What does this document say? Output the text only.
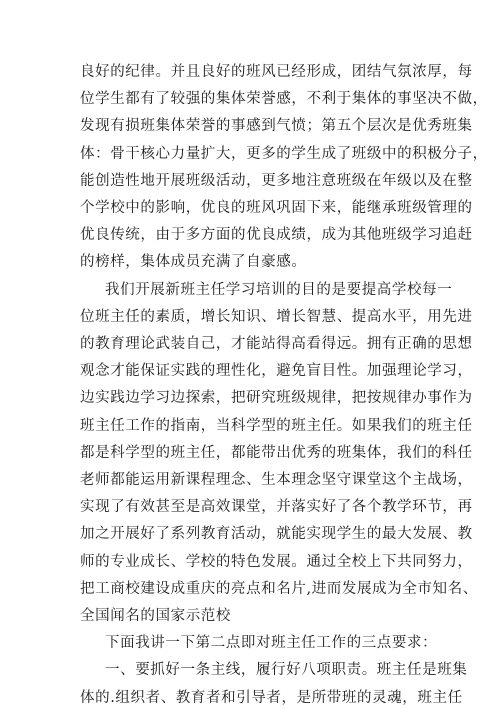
良好的纪律。并且良好的班风已经形成，团结气氛浓厚，每
位学生都有了较强的集体荣誉感，不利于集体的事坚决不做，
发现有损班集体荣誉的事感到气愤；第五个层次是优秀班集
体：骨干核心力量扩大，更多的学生成了班级中的积极分子，
能创造性地开展班级活动，更多地注意班级在年级以及在整
个学校中的影响，优良的班风巩固下来，能继承班级管理的
优良传统，由于多方面的优良成绩，成为其他班级学习追赶
的榜样，集体成员充满了自豪感。
我们开展新班主任学习培训的目的是要提高学校每一
位班主任的素质，增长知识、增长智慧、提高水平，用先进
的教育理论武装自己，才能站得高看得远。拥有正确的思想
观念才能保证实践的理性化，避免盲目性。加强理论学习，
边实践边学习边探索，把研究班级规律，把按规律办事作为
班主任工作的指南，当科学型的班主任。如果我们的班主任
都是科学型的班主任，都能带出优秀的班集体，我们的科任
老师都能运用新课程理念、生本理念坚守课堂这个主战场，
实现了有效甚至是高效课堂，并落实好了各个教学环节，再
加之开展好了系列教育活动，就能实现学生的最大发展、教
师的专业成长、学校的特色发展。通过全校上下共同努力，
把工商校建设成重庆的亮点和名片,进而发展成为全市知名、
全国闻名的国家示范校
下面我讲一下第二点即对班主任工作的三点要求：
一、要抓好一条主线，履行好八项职责。班主任是班集
体的.组织者、教育者和引导者，是所带班的灵魂，班主任
